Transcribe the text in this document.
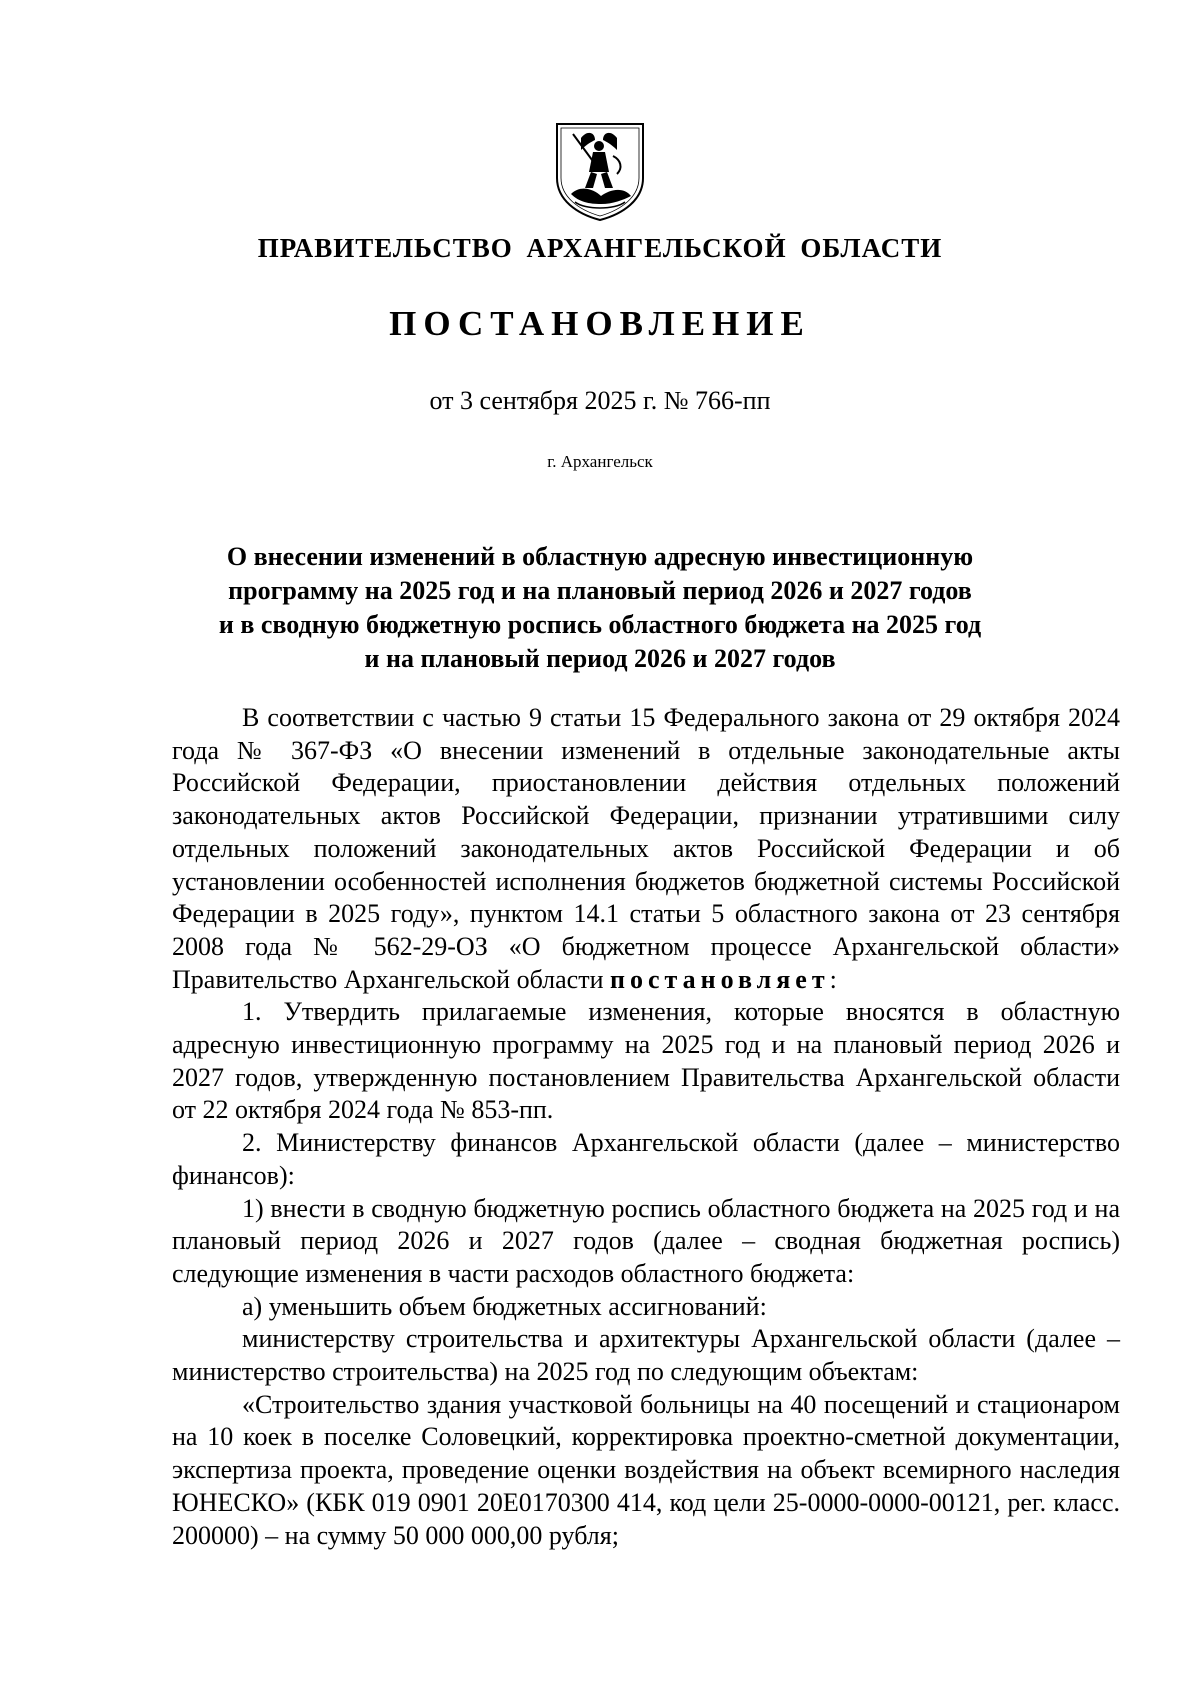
ПРАВИТЕЛЬСТВО АРХАНГЕЛЬСКОЙ ОБЛАСТИ
ПОСТАНОВЛЕНИЕ
от 3 сентября 2025 г. № 766-пп
г. Архангельск
О внесении изменений в областную адресную инвестиционную
программу на 2025 год и на плановый период 2026 и 2027 годов
и в сводную бюджетную роспись областного бюджета на 2025 год
и на плановый период 2026 и 2027 годов

В соответствии с частью 9 статьи 15 Федерального закона от 29 октября 2024 года № 367-ФЗ «О внесении изменений в отдельные законодательные акты Российской Федерации, приостановлении действия отдельных положений законодательных актов Российской Федерации, признании утратившими силу отдельных положений законодательных актов Российской Федерации и об установлении особенностей исполнения бюджетов бюджетной системы Российской Федерации в 2025 году», пунктом 14.1 статьи 5 областного закона от 23 сентября 2008 года № 562-29-ОЗ «О бюджетном процессе Архангельской области» Правительство Архангельской области постановляет:

1. Утвердить прилагаемые изменения, которые вносятся в областную адресную инвестиционную программу на 2025 год и на плановый период 2026 и 2027 годов, утвержденную постановлением Правительства Архангельской области от 22 октября 2024 года № 853-пп.

2. Министерству финансов Архангельской области (далее – министерство финансов):

1) внести в сводную бюджетную роспись областного бюджета на 2025 год и на плановый период 2026 и 2027 годов (далее – сводная бюджетная роспись) следующие изменения в части расходов областного бюджета:

а) уменьшить объем бюджетных ассигнований:

министерству строительства и архитектуры Архангельской области (далее – министерство строительства) на 2025 год по следующим объектам:

«Строительство здания участковой больницы на 40 посещений и стационаром на 10 коек в поселке Соловецкий, корректировка проектно-сметной документации, экспертиза проекта, проведение оценки воздействия на объект всемирного наследия ЮНЕСКО» (КБК 019 0901 20Е0170300 414, код цели 25-0000-0000-00121, рег. класс. 200000) – на сумму 50 000 000,00 рубля;
